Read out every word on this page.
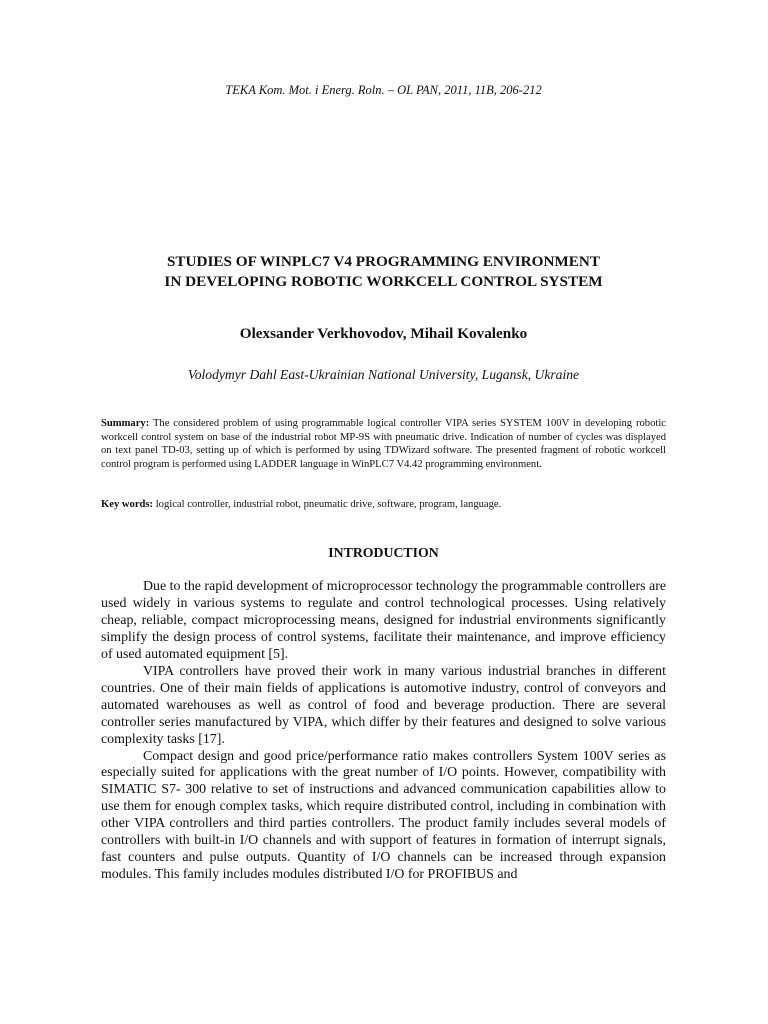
TEKA Kom. Mot. i Energ. Roln. – OL PAN, 2011, 11B, 206-212

STUDIES OF WINPLC7 V4 PROGRAMMING ENVIRONMENT
IN DEVELOPING ROBOTIC WORKCELL CONTROL SYSTEM

Olexsander Verkhovodov, Mihail Kovalenko

Volodymyr Dahl East-Ukrainian National University, Lugansk, Ukraine

Summary: The considered problem of using programmable logical controller VIPA series SYSTEM 100V in developing robotic workcell control system on base of the industrial robot MP-9S with pneumatic drive. Indication of number of cycles was displayed on text panel TD-03, setting up of which is performed by using TDWizard software. The presented fragment of robotic workcell control program is performed using LADDER language in WinPLC7 V4.42 programming environment.

Key words: logical controller, industrial robot, pneumatic drive, software, program, language.

INTRODUCTION

Due to the rapid development of microprocessor technology the programmable controllers are used widely in various systems to regulate and control technological processes. Using relatively cheap, reliable, compact microprocessing means, designed for industrial environments significantly simplify the design process of control systems, facilitate their maintenance, and improve efficiency of used automated equipment [5].

VIPA controllers have proved their work in many various industrial branches in different countries. One of their main fields of applications is automotive industry, control of conveyors and automated warehouses as well as control of food and beverage production. There are several controller series manufactured by VIPA, which differ by their features and designed to solve various complexity tasks [17].

Compact design and good price/performance ratio makes controllers System 100V series as especially suited for applications with the great number of I/O points. However, compatibility with SIMATIC S7- 300 relative to set of instructions and advanced communication capabilities allow to use them for enough complex tasks, which require distributed control, including in combination with other VIPA controllers and third parties controllers. The product family includes several models of controllers with built-in I/O channels and with support of features in formation of interrupt signals, fast counters and pulse outputs. Quantity of I/O channels can be increased through expansion modules. This family includes modules distributed I/O for PROFIBUS and
